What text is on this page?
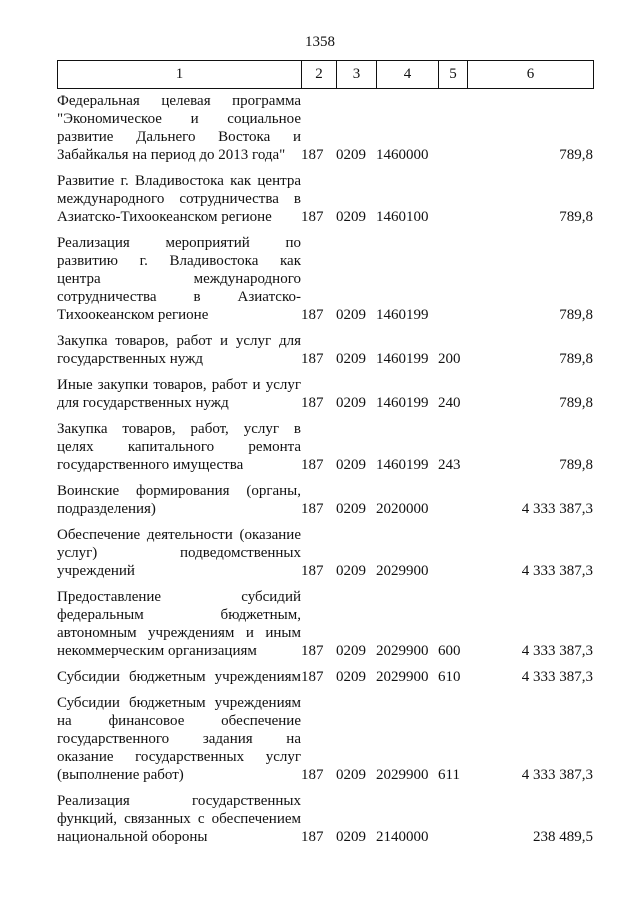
1358
1	2	3	4	5	6
Федеральная целевая программа
"Экономическое и социальное
развитие Дальнего Востока и
Забайкалья на период до 2013 года"	187	0209	1460000		789,8

Развитие г. Владивостока как центра
международного сотрудничества в
Азиатско-Тихоокеанском регионе	187	0209	1460100		789,8

Реализация мероприятий по
развитию г. Владивостока как
центра международного
сотрудничества в Азиатско-
Тихоокеанском регионе	187	0209	1460199		789,8

Закупка товаров, работ и услуг для
государственных нужд	187	0209	1460199	200	789,8

Иные закупки товаров, работ и услуг
для государственных нужд	187	0209	1460199	240	789,8

Закупка товаров, работ, услуг в
целях капитального ремонта
государственного имущества	187	0209	1460199	243	789,8

Воинские формирования (органы,
подразделения)	187	0209	2020000		4 333 387,3

Обеспечение деятельности (оказание
услуг) подведомственных
учреждений	187	0209	2029900		4 333 387,3

Предоставление субсидий
федеральным бюджетным,
автономным учреждениям и иным
некоммерческим организациям	187	0209	2029900	600	4 333 387,3

Субсидии бюджетным учреждениям	187	0209	2029900	610	4 333 387,3

Субсидии бюджетным учреждениям
на финансовое обеспечение
государственного задания на
оказание государственных услуг
(выполнение работ)	187	0209	2029900	611	4 333 387,3

Реализация государственных
функций, связанных с обеспечением
национальной обороны	187	0209	2140000		238 489,5
